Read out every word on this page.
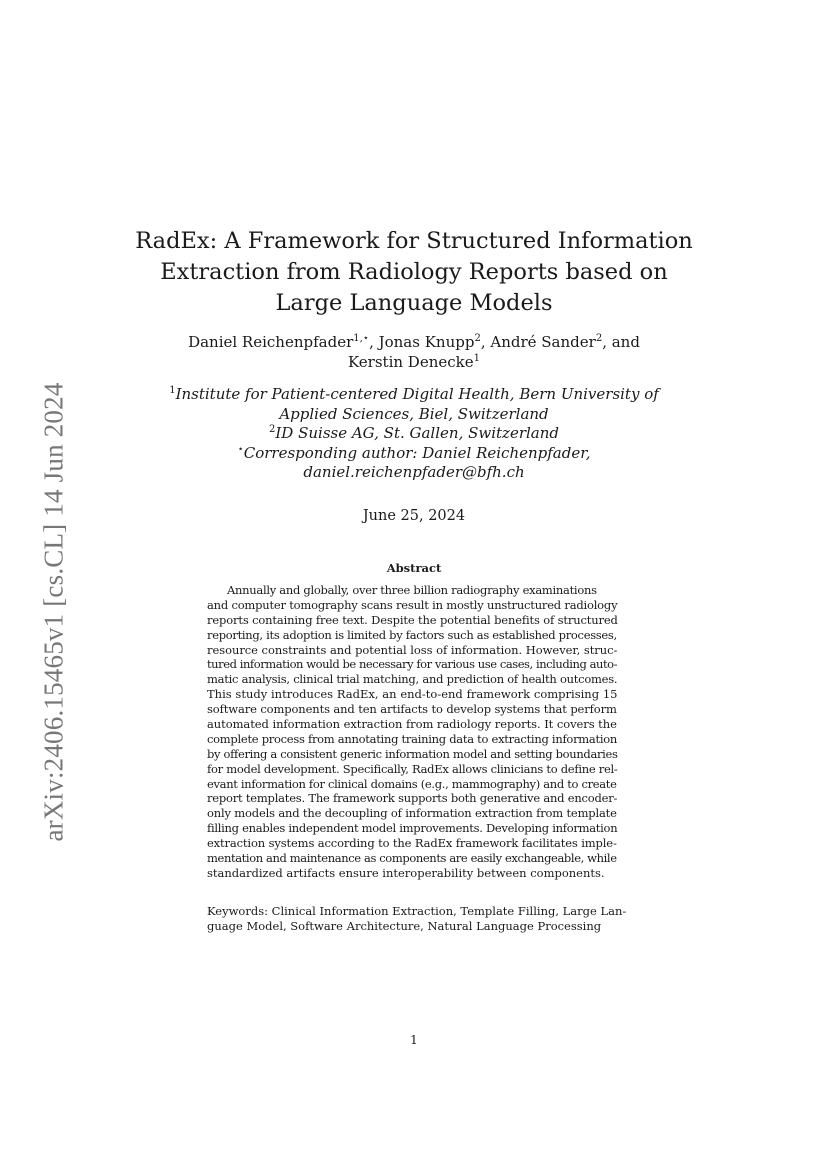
arXiv:2406.15465v1 [cs.CL] 14 Jun 2024
RadEx: A Framework for Structured Information
Extraction from Radiology Reports based on
Large Language Models
Daniel Reichenpfader$^{1,⋆}$, Jonas Knupp$^2$, André Sander$^2$, and
Kerstin Denecke$^1$
$^1$Institute for Patient-centered Digital Health, Bern University of
Applied Sciences, Biel, Switzerland
$^2$ID Suisse AG, St. Gallen, Switzerland
⋆Corresponding author: Daniel Reichenpfader,
daniel.reichenpfader@bfh.ch
June 25, 2024
Abstract
Annually and globally, over three billion radiography examinations
and computer tomography scans result in mostly unstructured radiology
reports containing free text. Despite the potential benefits of structured
reporting, its adoption is limited by factors such as established processes,
resource constraints and potential loss of information. However, struc-
tured information would be necessary for various use cases, including auto-
matic analysis, clinical trial matching, and prediction of health outcomes.
This study introduces RadEx, an end-to-end framework comprising 15
software components and ten artifacts to develop systems that perform
automated information extraction from radiology reports. It covers the
complete process from annotating training data to extracting information
by offering a consistent generic information model and setting boundaries
for model development. Specifically, RadEx allows clinicians to define rel-
evant information for clinical domains (e.g., mammography) and to create
report templates. The framework supports both generative and encoder-
only models and the decoupling of information extraction from template
filling enables independent model improvements. Developing information
extraction systems according to the RadEx framework facilitates imple-
mentation and maintenance as components are easily exchangeable, while
standardized artifacts ensure interoperability between components.
Keywords: Clinical Information Extraction, Template Filling, Large Lan-
guage Model, Software Architecture, Natural Language Processing
1
